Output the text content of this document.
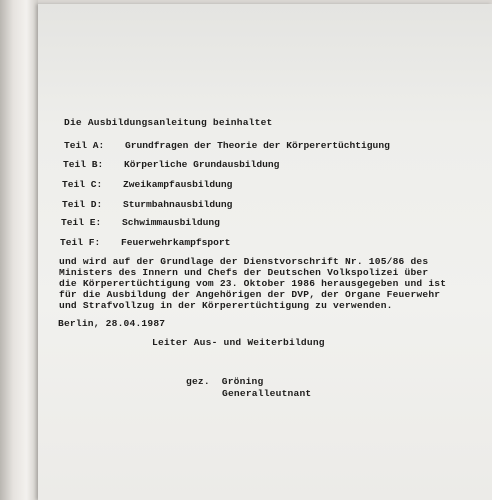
Die Ausbildungsanleitung beinhaltet
Teil A: Grundfragen der Theorie der Körperertüchtigung
Teil B: Körperliche Grundausbildung
Teil C: Zweikampfausbildung
Teil D: Sturmbahnausbildung
Teil E: Schwimmausbildung
Teil F: Feuerwehrkampfsport
und wird auf der Grundlage der Dienstvorschrift Nr. 105/86 des
Ministers des Innern und Chefs der Deutschen Volkspolizei über
die Körperertüchtigung vom 23. Oktober 1986 herausgegeben und ist
für die Ausbildung der Angehörigen der DVP, der Organe Feuerwehr
und Strafvollzug in der Körperertüchtigung zu verwenden.
Berlin, 28.04.1987
Leiter Aus- und Weiterbildung
gez.  Gröning
Generalleutnant
